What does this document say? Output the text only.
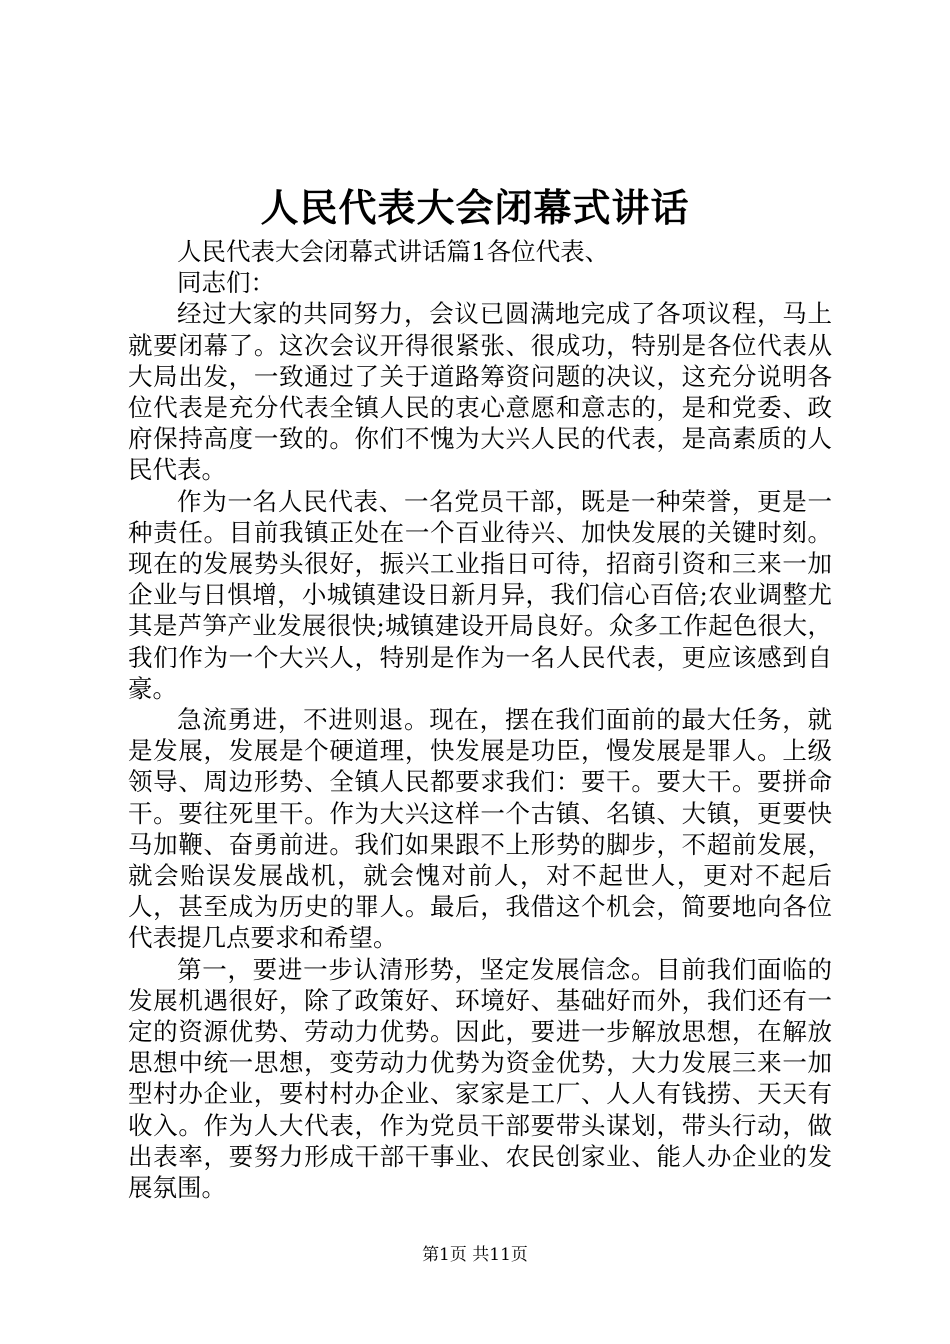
人民代表大会闭幕式讲话

人民代表大会闭幕式讲话篇1各位代表、

同志们：

经过大家的共同努力，会议已圆满地完成了各项议程，马上就要闭幕了。这次会议开得很紧张、很成功，特别是各位代表从大局出发，一致通过了关于道路筹资问题的决议，这充分说明各位代表是充分代表全镇人民的衷心意愿和意志的，是和党委、政府保持高度一致的。你们不愧为大兴人民的代表，是高素质的人民代表。

作为一名人民代表、一名党员干部，既是一种荣誉，更是一种责任。目前我镇正处在一个百业待兴、加快发展的关键时刻。现在的发展势头很好，振兴工业指日可待，招商引资和三来一加企业与日惧增，小城镇建设日新月异，我们信心百倍;农业调整尤其是芦笋产业发展很快;城镇建设开局良好。众多工作起色很大，我们作为一个大兴人，特别是作为一名人民代表，更应该感到自豪。

急流勇进，不进则退。现在，摆在我们面前的最大任务，就是发展，发展是个硬道理，快发展是功臣，慢发展是罪人。上级领导、周边形势、全镇人民都要求我们：要干。要大干。要拼命干。要往死里干。作为大兴这样一个古镇、名镇、大镇，更要快马加鞭、奋勇前进。我们如果跟不上形势的脚步，不超前发展，就会贻误发展战机，就会愧对前人，对不起世人，更对不起后人，甚至成为历史的罪人。最后，我借这个机会，简要地向各位代表提几点要求和希望。

第一，要进一步认清形势，坚定发展信念。目前我们面临的发展机遇很好，除了政策好、环境好、基础好而外，我们还有一定的资源优势、劳动力优势。因此，要进一步解放思想，在解放思想中统一思想，变劳动力优势为资金优势，大力发展三来一加型村办企业，要村村办企业、家家是工厂、人人有钱捞、天天有收入。作为人大代表，作为党员干部要带头谋划，带头行动，做出表率，要努力形成干部干事业、农民创家业、能人办企业的发展氛围。

第1页 共11页
